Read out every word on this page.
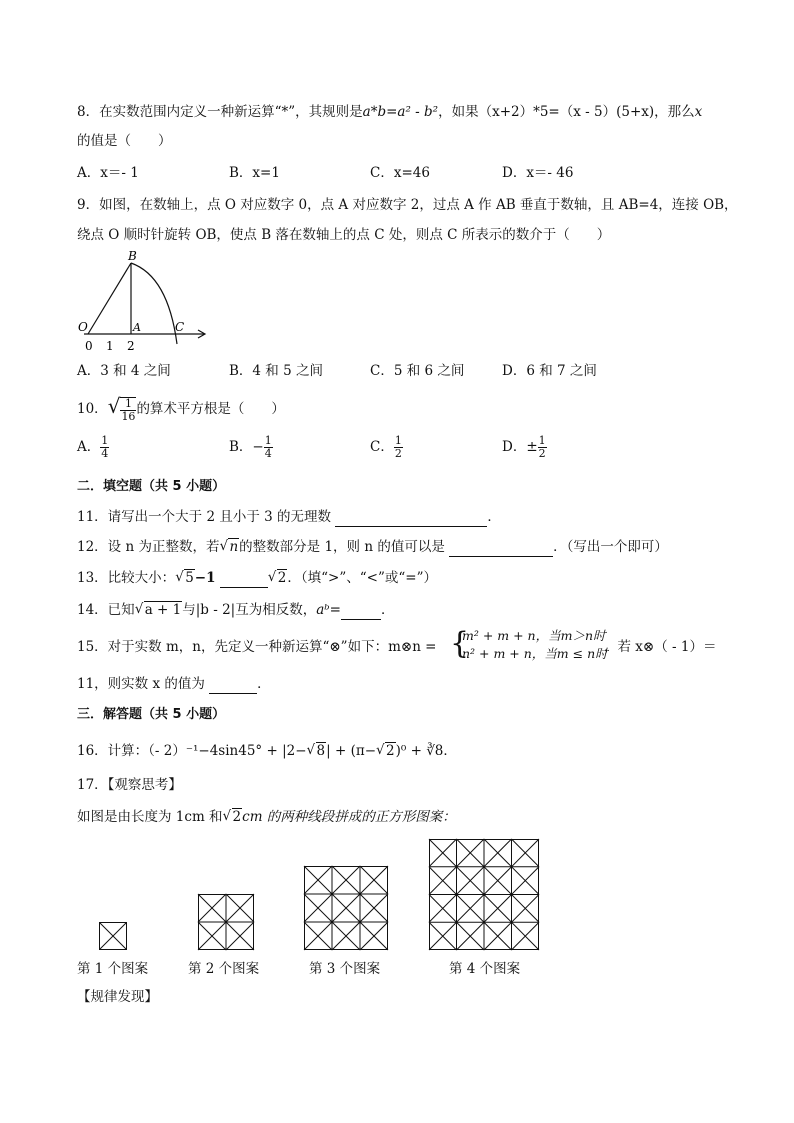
8．在实数范围内定义一种新运算“*”，其规则是a*b=a² - b²，如果（x+2）*5=（x - 5）(5+x)，那么x
的值是（　　）
A．x＝- 1	B．x=1	C．x=46	D．x＝- 46
9．如图，在数轴上，点 O 对应数字 0，点 A 对应数字 2，过点 A 作 AB 垂直于数轴，且 AB=4，连接 OB，
绕点 O 顺时针旋转 OB，使点 B 落在数轴上的点 C 处，则点 C 所表示的数介于（　　）
B
O	A	C
0 1 2
A．3 和 4 之间	B．4 和 5 之间	C．5 和 6 之间	D．6 和 7 之间
10．√ $\frac{1}{16}$ 的算术平方根是（　　）
A． $\frac{1}{4}$	B．− $\frac{1}{4}$	C． $\frac{1}{2}$	D．± $\frac{1}{2}$
二．填空题（共 5 小题）
11．请写出一个大于 2 且小于 3 的无理数	．
12．设 n 为正整数，若 √ n的整数部分是 1，则 n 的值可以是	．（写出一个即可）
13．比较大小： √ 5−1	√ 2．（填“>”、“<”或“=”）
14．已知 √ a + 1与|b - 2|互为相反数，aᵇ=	．
15．对于实数 m，n，先定义一种新运算“⊗”如下：m⊗n = {
m² + m + n，当m＞n时
n² + m + n，当m ≤ n时
，若 x⊗（ - 1）＝
11，则实数 x 的值为	．
三．解答题（共 5 小题）
16．计算：（- 2）⁻¹−4sin45° + |2− √ 8| + (π− √ 2)⁰ + ∛8．
17．【观察思考】
如图是由长度为 1cm 和 √ 2cm 的两种线段拼成的正方形图案：
第 1 个图案	第 2 个图案	第 3 个图案	第 4 个图案
【规律发现】
